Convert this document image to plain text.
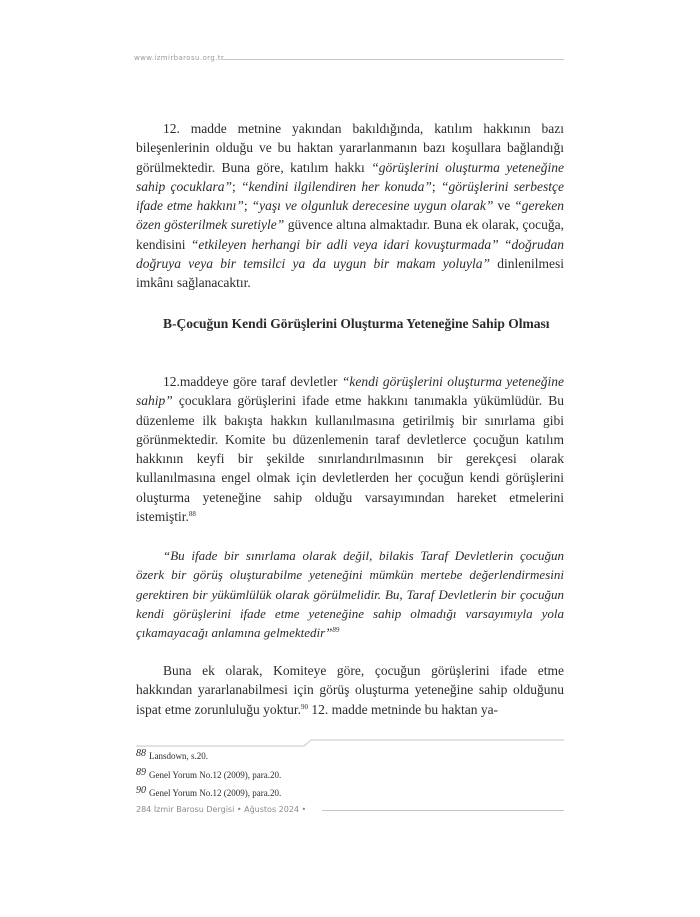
www.izmirbarosu.org.tr

12. madde metnine yakından bakıldığında, katılım hakkının bazı bileşenlerinin olduğu ve bu haktan yararlanmanın bazı koşullara bağlandığı görülmektedir. Buna göre, katılım hakkı “görüşlerini oluşturma yeteneğine sahip çocuklara”; “kendini ilgilendiren her konuda”; “görüşlerini serbestçe ifade etme hakkını”; “yaşı ve olgunluk derecesine uygun olarak” ve “gereken özen gösterilmek suretiyle” güvence altına almaktadır. Buna ek olarak, çocuğa, kendisini “etkileyen herhangi bir adli veya idari kovuşturmada” “doğrudan doğruya veya bir temsilci ya da uygun bir makam yoluyla” dinlenilmesi imkânı sağlanacaktır.

B-Çocuğun Kendi Görüşlerini Oluşturma Yeteneğine Sahip Olması

12.maddeye göre taraf devletler “kendi görüşlerini oluşturma yeteneğine sahip” çocuklara görüşlerini ifade etme hakkını tanımakla yükümlüdür. Bu düzenleme ilk bakışta hakkın kullanılmasına getirilmiş bir sınırlama gibi görünmektedir. Komite bu düzenlemenin taraf devletlerce çocuğun katılım hakkının keyfi bir şekilde sınırlandırılmasının bir gerekçesi olarak kullanılmasına engel olmak için devletlerden her çocuğun kendi görüşlerini oluşturma yeteneğine sahip olduğu varsayımından hareket etmelerini istemiştir.$^{88}$

“Bu ifade bir sınırlama olarak değil, bilakis Taraf Devletlerin çocuğun özerk bir görüş oluşturabilme yeteneğini mümkün mertebe değerlendirmesini gerektiren bir yükümlülük olarak görülmelidir. Bu, Taraf Devletlerin bir çocuğun kendi görüşlerini ifade etme yeteneğine sahip olmadığı varsayımıyla yola çıkamayacağı anlamına gelmektedir”$^{89}$

Buna ek olarak, Komiteye göre, çocuğun görüşlerini ifade etme hakkından yararlanabilmesi için görüş oluşturma yeteneğine sahip olduğunu ispat etme zorunluluğu yoktur.$^{90}$ 12. madde metninde bu haktan ya-

88 Lansdown, s.20.
89 Genel Yorum No.12 (2009), para.20.
90 Genel Yorum No.12 (2009), para.20.
284 İzmir Barosu Dergisi • Ağustos 2024 •
